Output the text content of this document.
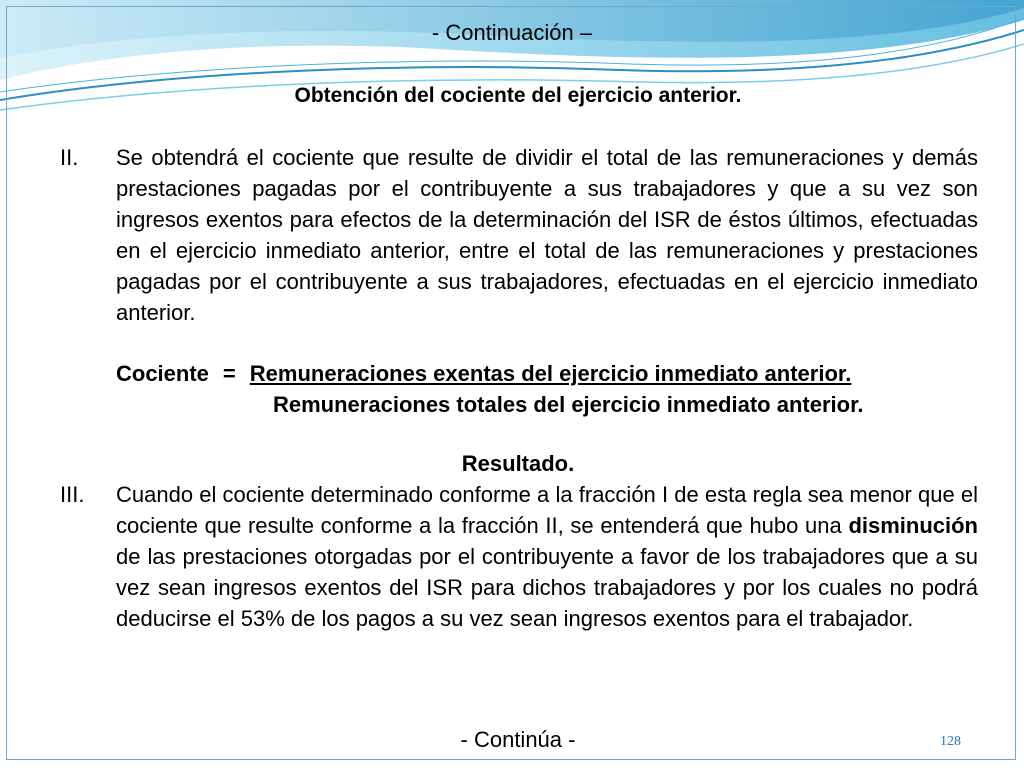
- Continuación –
Obtención del cociente del ejercicio anterior.
II. Se obtendrá el cociente que resulte de dividir el total de las remuneraciones y demás prestaciones pagadas por el contribuyente a sus trabajadores y que a su vez son ingresos exentos para efectos de la determinación del ISR de éstos últimos, efectuadas en el ejercicio inmediato anterior, entre el total de las remuneraciones y prestaciones pagadas por el contribuyente a sus trabajadores, efectuadas en el ejercicio inmediato anterior.
Cociente = Remuneraciones exentas del ejercicio inmediato anterior.
Remuneraciones totales del ejercicio inmediato anterior.
Resultado.
III. Cuando el cociente determinado conforme a la fracción I de esta regla sea menor que el cociente que resulte conforme a la fracción II, se entenderá que hubo una disminución de las prestaciones otorgadas por el contribuyente a favor de los trabajadores que a su vez sean ingresos exentos del ISR para dichos trabajadores y por los cuales no podrá deducirse el 53% de los pagos a su vez sean ingresos exentos para el trabajador.
- Continúa -	128
